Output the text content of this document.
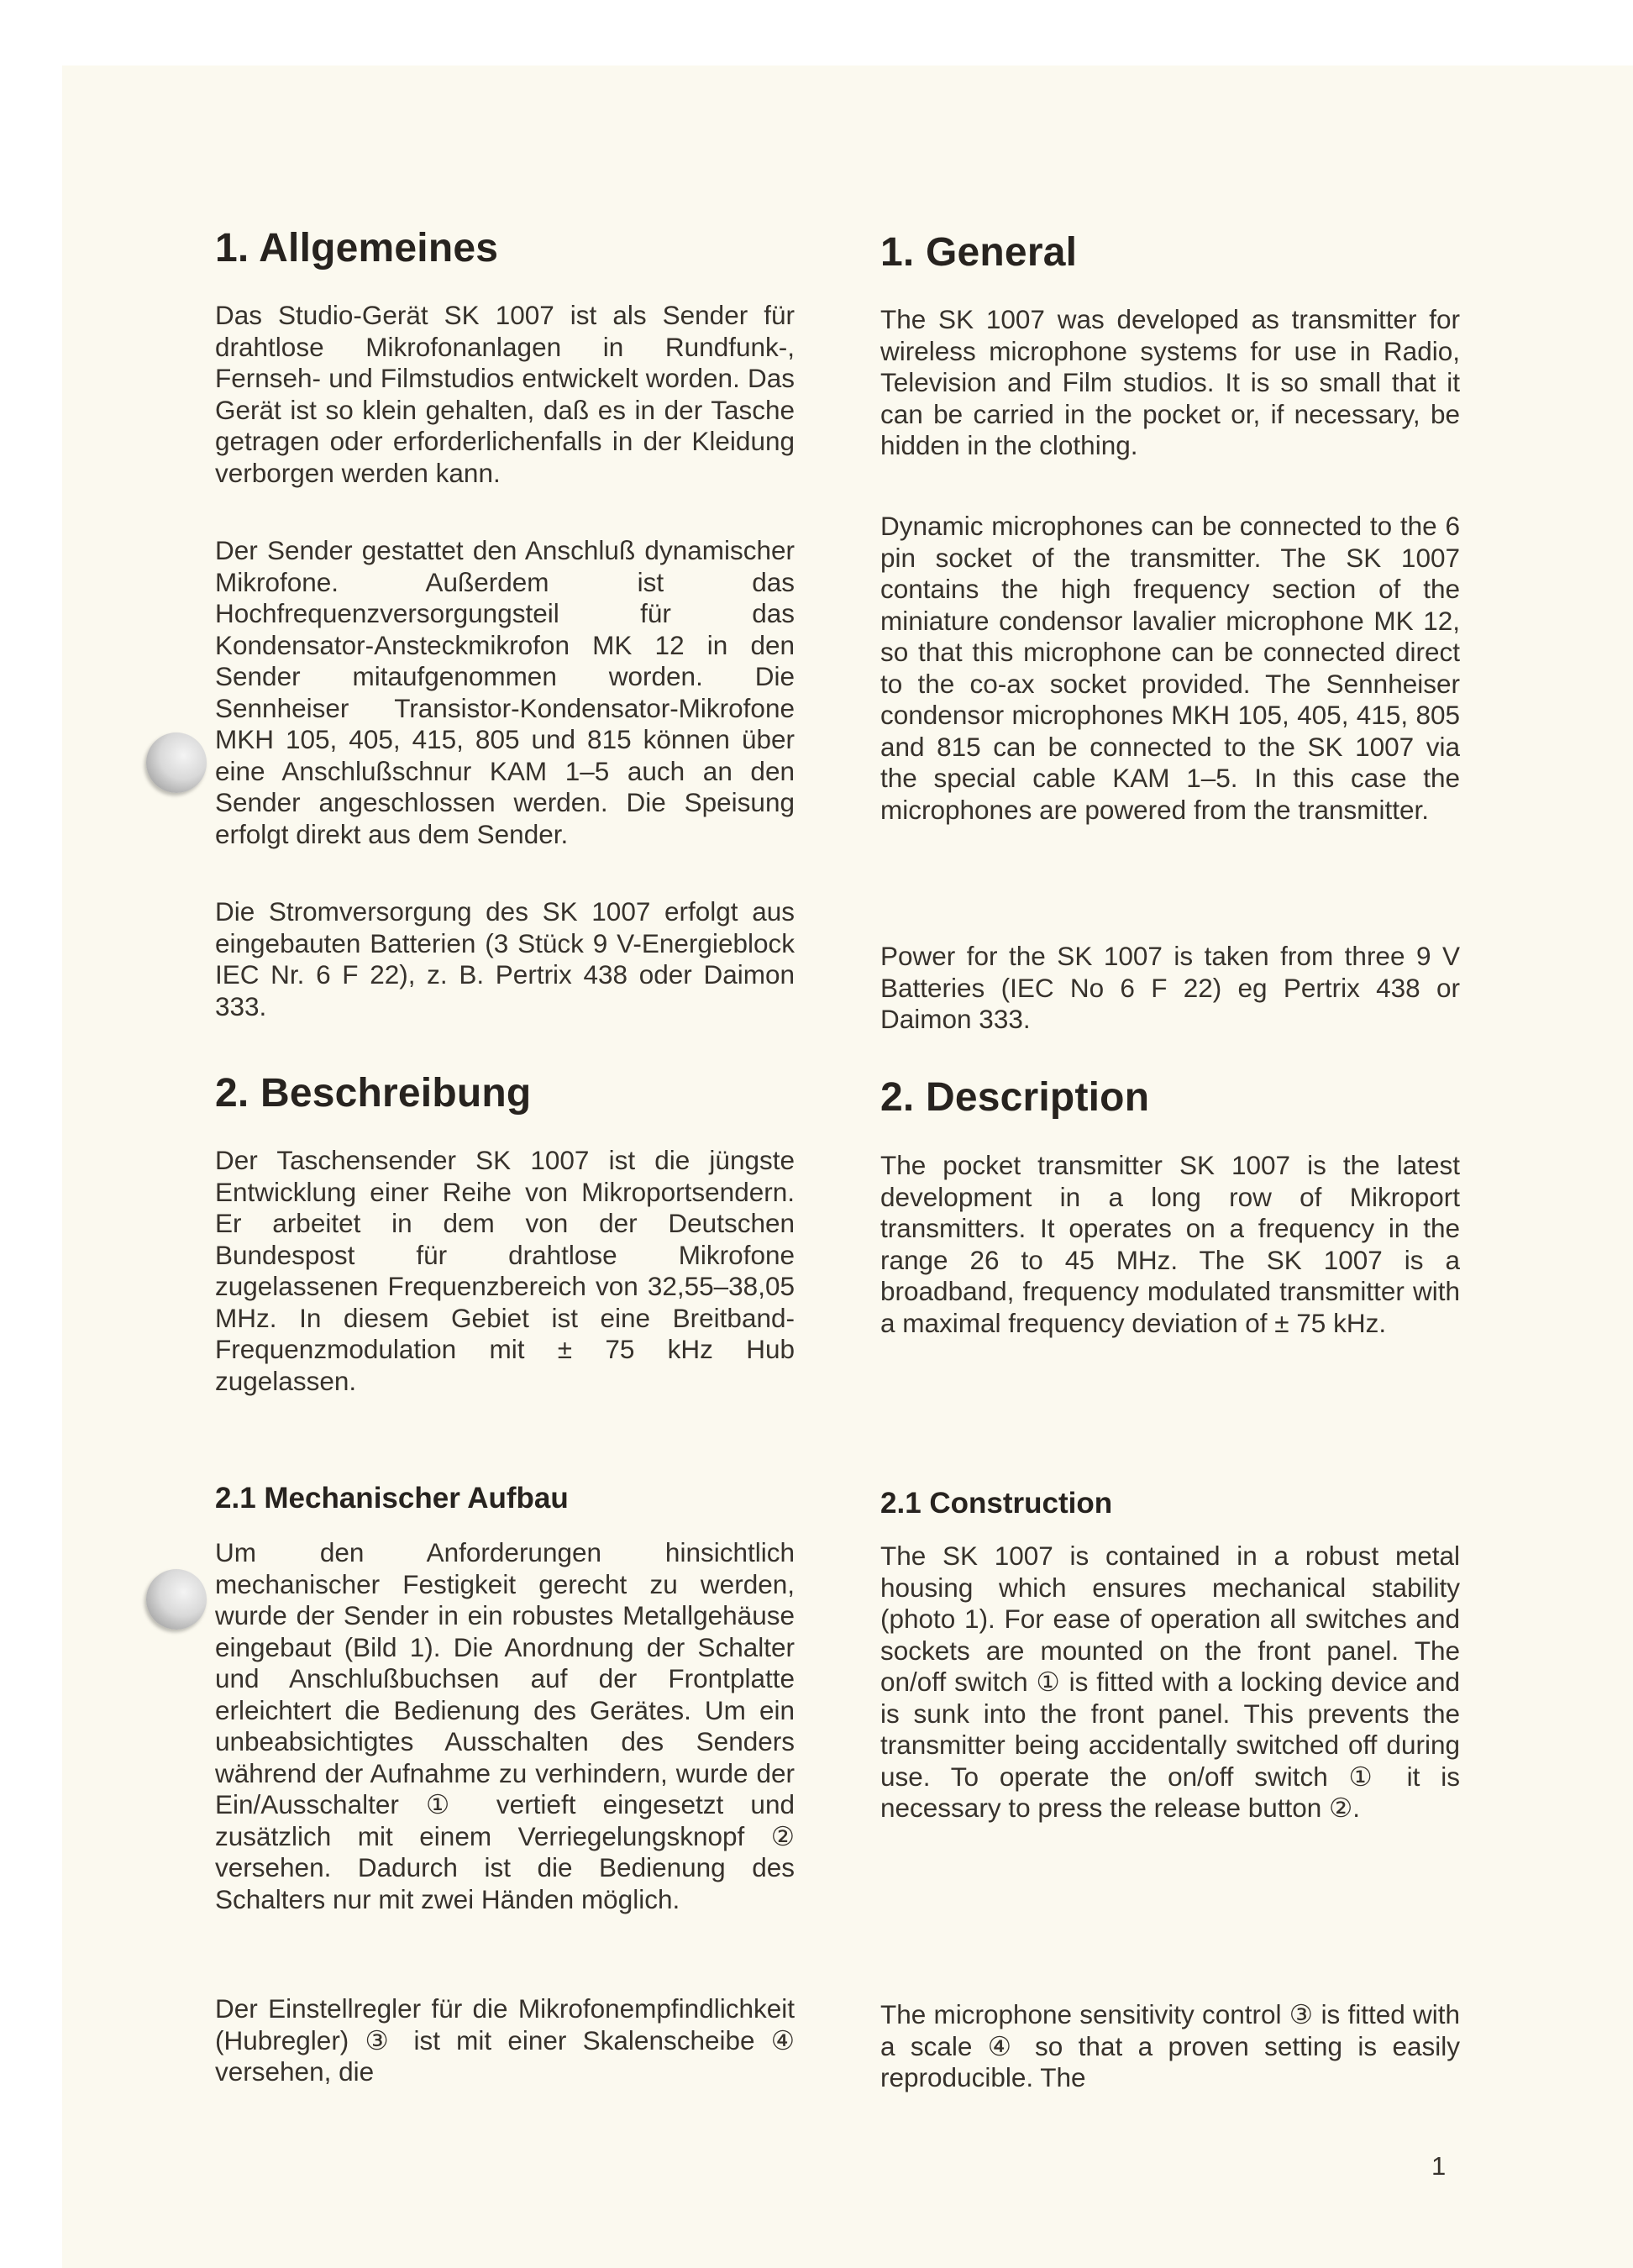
1. Allgemeines

Das Studio-Gerät SK 1007 ist als Sender für drahtlose Mikrofonanlagen in Rundfunk-, Fernseh- und Filmstudios entwickelt worden. Das Gerät ist so klein gehalten, daß es in der Tasche getragen oder erforderlichenfalls in der Kleidung verborgen werden kann.

Der Sender gestattet den Anschluß dynamischer Mikrofone. Außerdem ist das Hochfrequenzversorgungsteil für das Kondensator-Ansteckmikrofon MK 12 in den Sender mitaufgenommen worden. Die Sennheiser Transistor-Kondensator-Mikrofone MKH 105, 405, 415, 805 und 815 können über eine Anschlußschnur KAM 1–5 auch an den Sender angeschlossen werden. Die Speisung erfolgt direkt aus dem Sender.

Die Stromversorgung des SK 1007 erfolgt aus eingebauten Batterien (3 Stück 9 V-Energieblock IEC Nr. 6 F 22), z. B. Pertrix 438 oder Daimon 333.

2. Beschreibung

Der Taschensender SK 1007 ist die jüngste Entwicklung einer Reihe von Mikroportsendern. Er arbeitet in dem von der Deutschen Bundespost für drahtlose Mikrofone zugelassenen Frequenzbereich von 32,55–38,05 MHz. In diesem Gebiet ist eine Breitband-Frequenzmodulation mit ± 75 kHz Hub zugelassen.

2.1 Mechanischer Aufbau

Um den Anforderungen hinsichtlich mechanischer Festigkeit gerecht zu werden, wurde der Sender in ein robustes Metallgehäuse eingebaut (Bild 1). Die Anordnung der Schalter und Anschlußbuchsen auf der Frontplatte erleichtert die Bedienung des Gerätes. Um ein unbeabsichtigtes Ausschalten des Senders während der Aufnahme zu verhindern, wurde der Ein/Ausschalter ① vertieft eingesetzt und zusätzlich mit einem Verriegelungsknopf ② versehen. Dadurch ist die Bedienung des Schalters nur mit zwei Händen möglich.

Der Einstellregler für die Mikrofonempfindlichkeit (Hubregler) ③ ist mit einer Skalenscheibe ④ versehen, die

1. General

The SK 1007 was developed as transmitter for wireless microphone systems for use in Radio, Television and Film studios. It is so small that it can be carried in the pocket or, if necessary, be hidden in the clothing.

Dynamic microphones can be connected to the 6 pin socket of the transmitter. The SK 1007 contains the high frequency section of the miniature condensor lavalier microphone MK 12, so that this microphone can be connected direct to the co-ax socket provided. The Sennheiser condensor microphones MKH 105, 405, 415, 805 and 815 can be connected to the SK 1007 via the special cable KAM 1–5. In this case the microphones are powered from the transmitter.

Power for the SK 1007 is taken from three 9 V Batteries (IEC No 6 F 22) eg Pertrix 438 or Daimon 333.

2. Description

The pocket transmitter SK 1007 is the latest development in a long row of Mikroport transmitters. It operates on a frequency in the range 26 to 45 MHz. The SK 1007 is a broadband, frequency modulated transmitter with a maximal frequency deviation of ± 75 kHz.

2.1 Construction

The SK 1007 is contained in a robust metal housing which ensures mechanical stability (photo 1). For ease of operation all switches and sockets are mounted on the front panel. The on/off switch ① is fitted with a locking device and is sunk into the front panel. This prevents the transmitter being accidentally switched off during use. To operate the on/off switch ① it is necessary to press the release button ②.

The microphone sensitivity control ③ is fitted with a scale ④ so that a proven setting is easily reproducible. The

1
